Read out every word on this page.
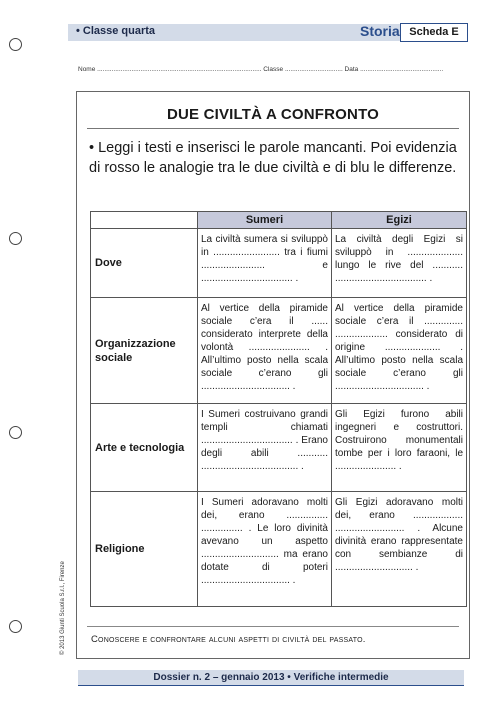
• Classe quarta	Storia Scheda E
Nome ........................................................................................... Classe ................................ Data ..............................................
© 2013 Giunti Scuola S.r.l., Firenze
DUE CIVILTÀ A CONFRONTO
• Leggi i testi e inserisci le parole mancanti. Poi evidenzia di rosso le analogie tra le due civiltà e di blu le differenze.
	Sumeri	Egizi
Dove	La civiltà sumera si sviluppò in ........................ tra i fiumi ....................... e ................................. .	La civiltà degli Egizi si sviluppò in .................... lungo le rive del ........... ................................. .
Organizzazione sociale	Al vertice della piramide sociale c’era il ...... considerato interprete della volontà ...................... . All’ultimo posto nella scala sociale c’erano gli ................................ .	Al vertice della piramide sociale c’era il .............. ................... considerato di origine .................... . All’ultimo posto nella scala sociale c’erano gli ................................ .
Arte e tecnologia	I Sumeri costruivano grandi templi chiamati ................................. . Erano degli abili ........... ................................... .	Gli Egizi furono abili ingegneri e costruttori. Costruirono monumentali tombe per i loro faraoni, le ...................... .
Religione	I Sumeri adoravano molti dei, erano ............... ............... . Le loro divinità avevano un aspetto ............................ ma erano dotate di poteri ................................ .	Gli Egizi adoravano molti dei, erano .................. ......................... . Alcune divinità erano rappresentate con sembianze di ............................ .
Conoscere e confrontare alcuni aspetti di civiltà del passato.
Dossier n. 2 – gennaio 2013 • Verifiche intermedie
